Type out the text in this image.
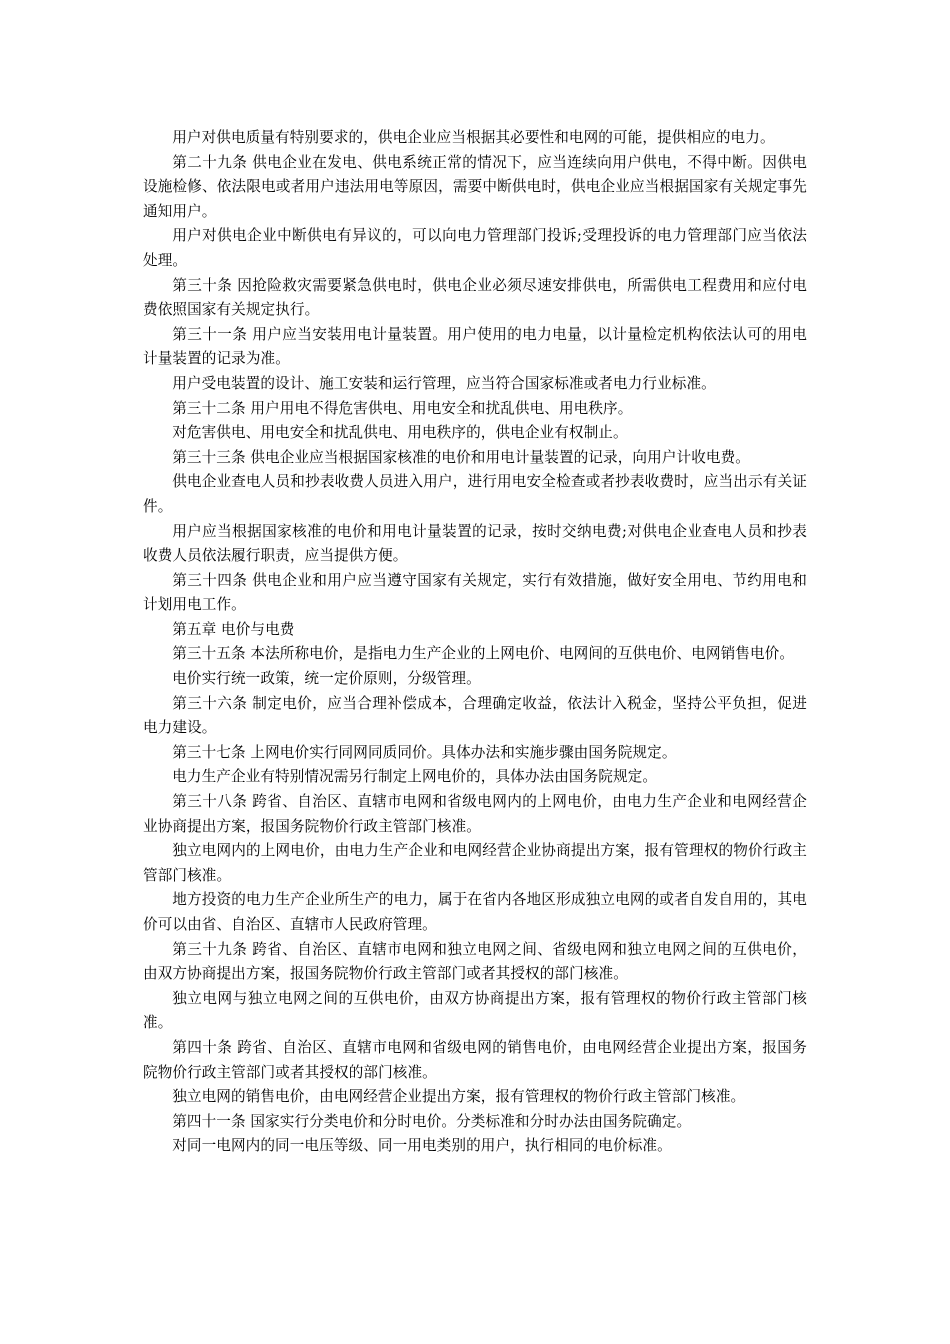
用户对供电质量有特别要求的，供电企业应当根据其必要性和电网的可能，提供相应的电力。

第二十九条 供电企业在发电、供电系统正常的情况下，应当连续向用户供电，不得中断。因供电设施检修、依法限电或者用户违法用电等原因，需要中断供电时，供电企业应当根据国家有关规定事先通知用户。

用户对供电企业中断供电有异议的，可以向电力管理部门投诉;受理投诉的电力管理部门应当依法处理。

第三十条 因抢险救灾需要紧急供电时，供电企业必须尽速安排供电，所需供电工程费用和应付电费依照国家有关规定执行。

第三十一条 用户应当安装用电计量装置。用户使用的电力电量，以计量检定机构依法认可的用电计量装置的记录为准。

用户受电装置的设计、施工安装和运行管理，应当符合国家标准或者电力行业标准。

第三十二条 用户用电不得危害供电、用电安全和扰乱供电、用电秩序。

对危害供电、用电安全和扰乱供电、用电秩序的，供电企业有权制止。

第三十三条 供电企业应当根据国家核准的电价和用电计量装置的记录，向用户计收电费。

供电企业查电人员和抄表收费人员进入用户，进行用电安全检查或者抄表收费时，应当出示有关证件。

用户应当根据国家核准的电价和用电计量装置的记录，按时交纳电费;对供电企业查电人员和抄表收费人员依法履行职责，应当提供方便。

第三十四条 供电企业和用户应当遵守国家有关规定，实行有效措施，做好安全用电、节约用电和计划用电工作。

第五章 电价与电费

第三十五条 本法所称电价，是指电力生产企业的上网电价、电网间的互供电价、电网销售电价。

电价实行统一政策，统一定价原则，分级管理。

第三十六条 制定电价，应当合理补偿成本，合理确定收益，依法计入税金，坚持公平负担，促进电力建设。

第三十七条 上网电价实行同网同质同价。具体办法和实施步骤由国务院规定。

电力生产企业有特别情况需另行制定上网电价的，具体办法由国务院规定。

第三十八条 跨省、自治区、直辖市电网和省级电网内的上网电价，由电力生产企业和电网经营企业协商提出方案，报国务院物价行政主管部门核准。

独立电网内的上网电价，由电力生产企业和电网经营企业协商提出方案，报有管理权的物价行政主管部门核准。

地方投资的电力生产企业所生产的电力，属于在省内各地区形成独立电网的或者自发自用的，其电价可以由省、自治区、直辖市人民政府管理。

第三十九条 跨省、自治区、直辖市电网和独立电网之间、省级电网和独立电网之间的互供电价，由双方协商提出方案，报国务院物价行政主管部门或者其授权的部门核准。

独立电网与独立电网之间的互供电价，由双方协商提出方案，报有管理权的物价行政主管部门核准。

第四十条 跨省、自治区、直辖市电网和省级电网的销售电价，由电网经营企业提出方案，报国务院物价行政主管部门或者其授权的部门核准。

独立电网的销售电价，由电网经营企业提出方案，报有管理权的物价行政主管部门核准。

第四十一条 国家实行分类电价和分时电价。分类标准和分时办法由国务院确定。

对同一电网内的同一电压等级、同一用电类别的用户，执行相同的电价标准。
